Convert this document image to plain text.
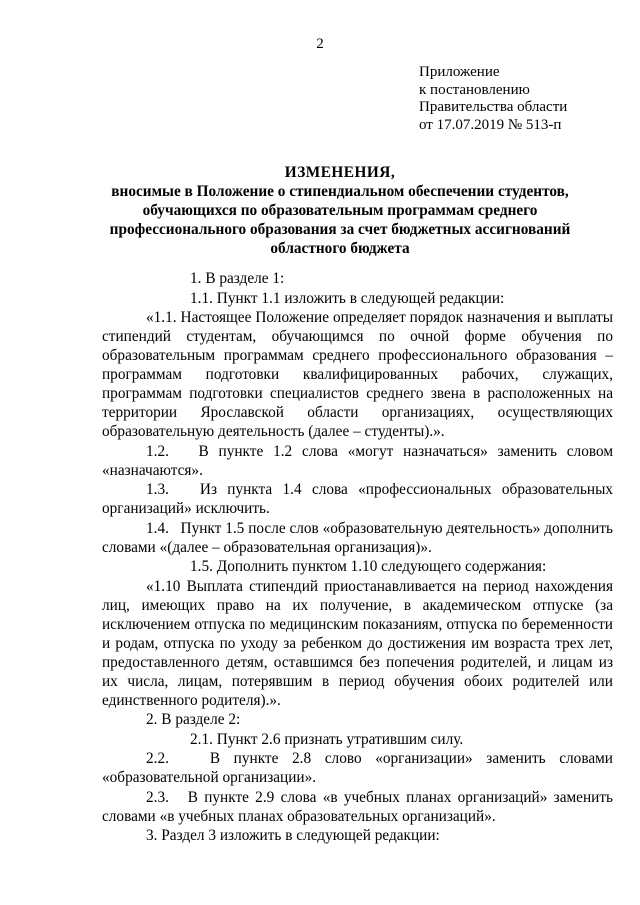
2
Приложение
к постановлению
Правительства области
от 17.07.2019 № 513-п
ИЗМЕНЕНИЯ,
вносимые в Положение о стипендиальном обеспечении студентов,
обучающихся по образовательным программам среднего
профессионального образования за счет бюджетных ассигнований
областного бюджета

1. В разделе 1:

1.1. Пункт 1.1 изложить в следующей редакции:

«1.1. Настоящее Положение определяет порядок назначения и выплаты стипендий студентам, обучающимся по очной форме обучения по образовательным программам среднего профессионального образования – программам подготовки квалифицированных рабочих, служащих, программам подготовки специалистов среднего звена в расположенных на территории Ярославской области организациях, осуществляющих образовательную деятельность (далее – студенты).».

1.2. В пункте 1.2 слова «могут назначаться» заменить словом «назначаются».

1.3. Из пункта 1.4 слова «профессиональных образовательных организаций» исключить.

1.4. Пункт 1.5 после слов «образовательную деятельность» дополнить словами «(далее – образовательная организация)».

1.5. Дополнить пунктом 1.10 следующего содержания:

«1.10 Выплата стипендий приостанавливается на период нахождения лиц, имеющих право на их получение, в академическом отпуске (за исключением отпуска по медицинским показаниям, отпуска по беременности и родам, отпуска по уходу за ребенком до достижения им возраста трех лет, предоставленного детям, оставшимся без попечения родителей, и лицам из их числа, лицам, потерявшим в период обучения обоих родителей или единственного родителя).».

2. В разделе 2:

2.1. Пункт 2.6 признать утратившим силу.

2.2.	В пункте 2.8 слово «организации» заменить словами «образовательной организации».

2.3. В пункте 2.9 слова «в учебных планах организаций» заменить словами «в учебных планах образовательных организаций».

3. Раздел 3 изложить в следующей редакции:
